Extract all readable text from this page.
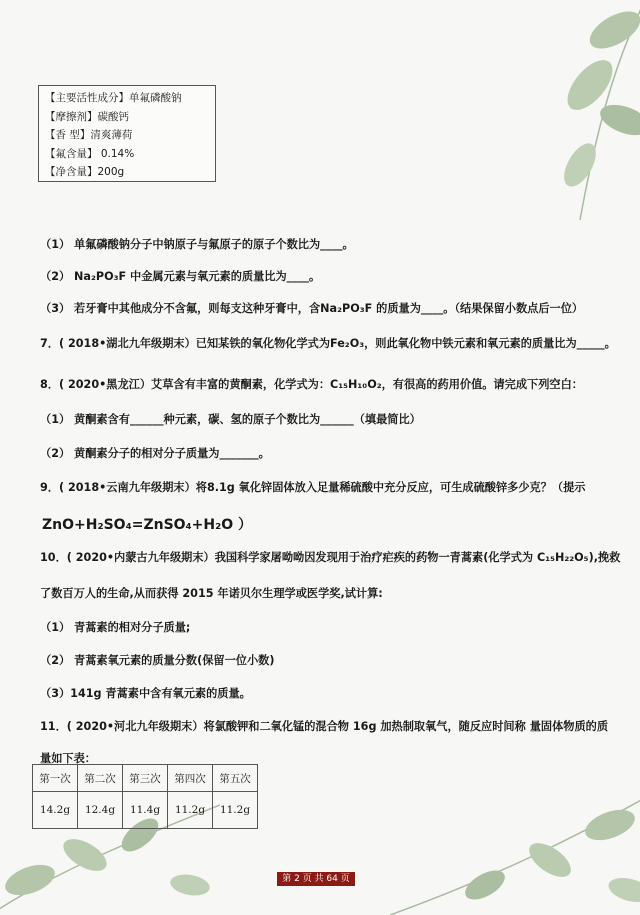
【主要活性成分】单氟磷酸钠
【摩擦剂】碳酸钙
【香 型】清爽薄荷
【氟含量】 0.14%
【净含量】200g
（1） 单氟磷酸钠分子中钠原子与氟原子的原子个数比为____。
（2） Na₂PO₃F 中金属元素与氧元素的质量比为____。
（3） 若牙膏中其他成分不含氟，则每支这种牙膏中，含Na₂PO₃F 的质量为____。（结果保留小数点后一位）
7．( 2018•湖北九年级期末）已知某铁的氧化物化学式为Fe₂O₃，则此氧化物中铁元素和氧元素的质量比为_____。
8．( 2020•黑龙江）艾草含有丰富的黄酮素，化学式为：C₁₅H₁₀O₂，有很高的药用价值。请完成下列空白：
（1） 黄酮素含有______种元素，碳、氢的原子个数比为______（填最简比）
（2） 黄酮素分子的相对分子质量为_______。
9．( 2018•云南九年级期末）将8.1g 氧化锌固体放入足量稀硫酸中充分反应，可生成硫酸锌多少克？（提示
ZnO+H₂SO₄=ZnSO₄+H₂O ）
10．( 2020•内蒙古九年级期末）我国科学家屠呦呦因发现用于治疗疟疾的药物一青蒿素(化学式为 C₁₅H₂₂O₅),挽救
了数百万人的生命,从而获得 2015 年诺贝尔生理学或医学奖,试计算:
（1） 青蒿素的相对分子质量;
（2） 青蒿素氧元素的质量分数(保留一位小数)
（3）141g 青蒿素中含有氧元素的质量。
11．( 2020•河北九年级期末）将氯酸钾和二氧化锰的混合物 16g 加热制取氧气，随反应时间称 量固体物质的质
量如下表：
第一次	第二次	第三次	第四次	第五次
14.2g	12.4g	11.4g	11.2g	11.2g
第 2 页 共 64 页
